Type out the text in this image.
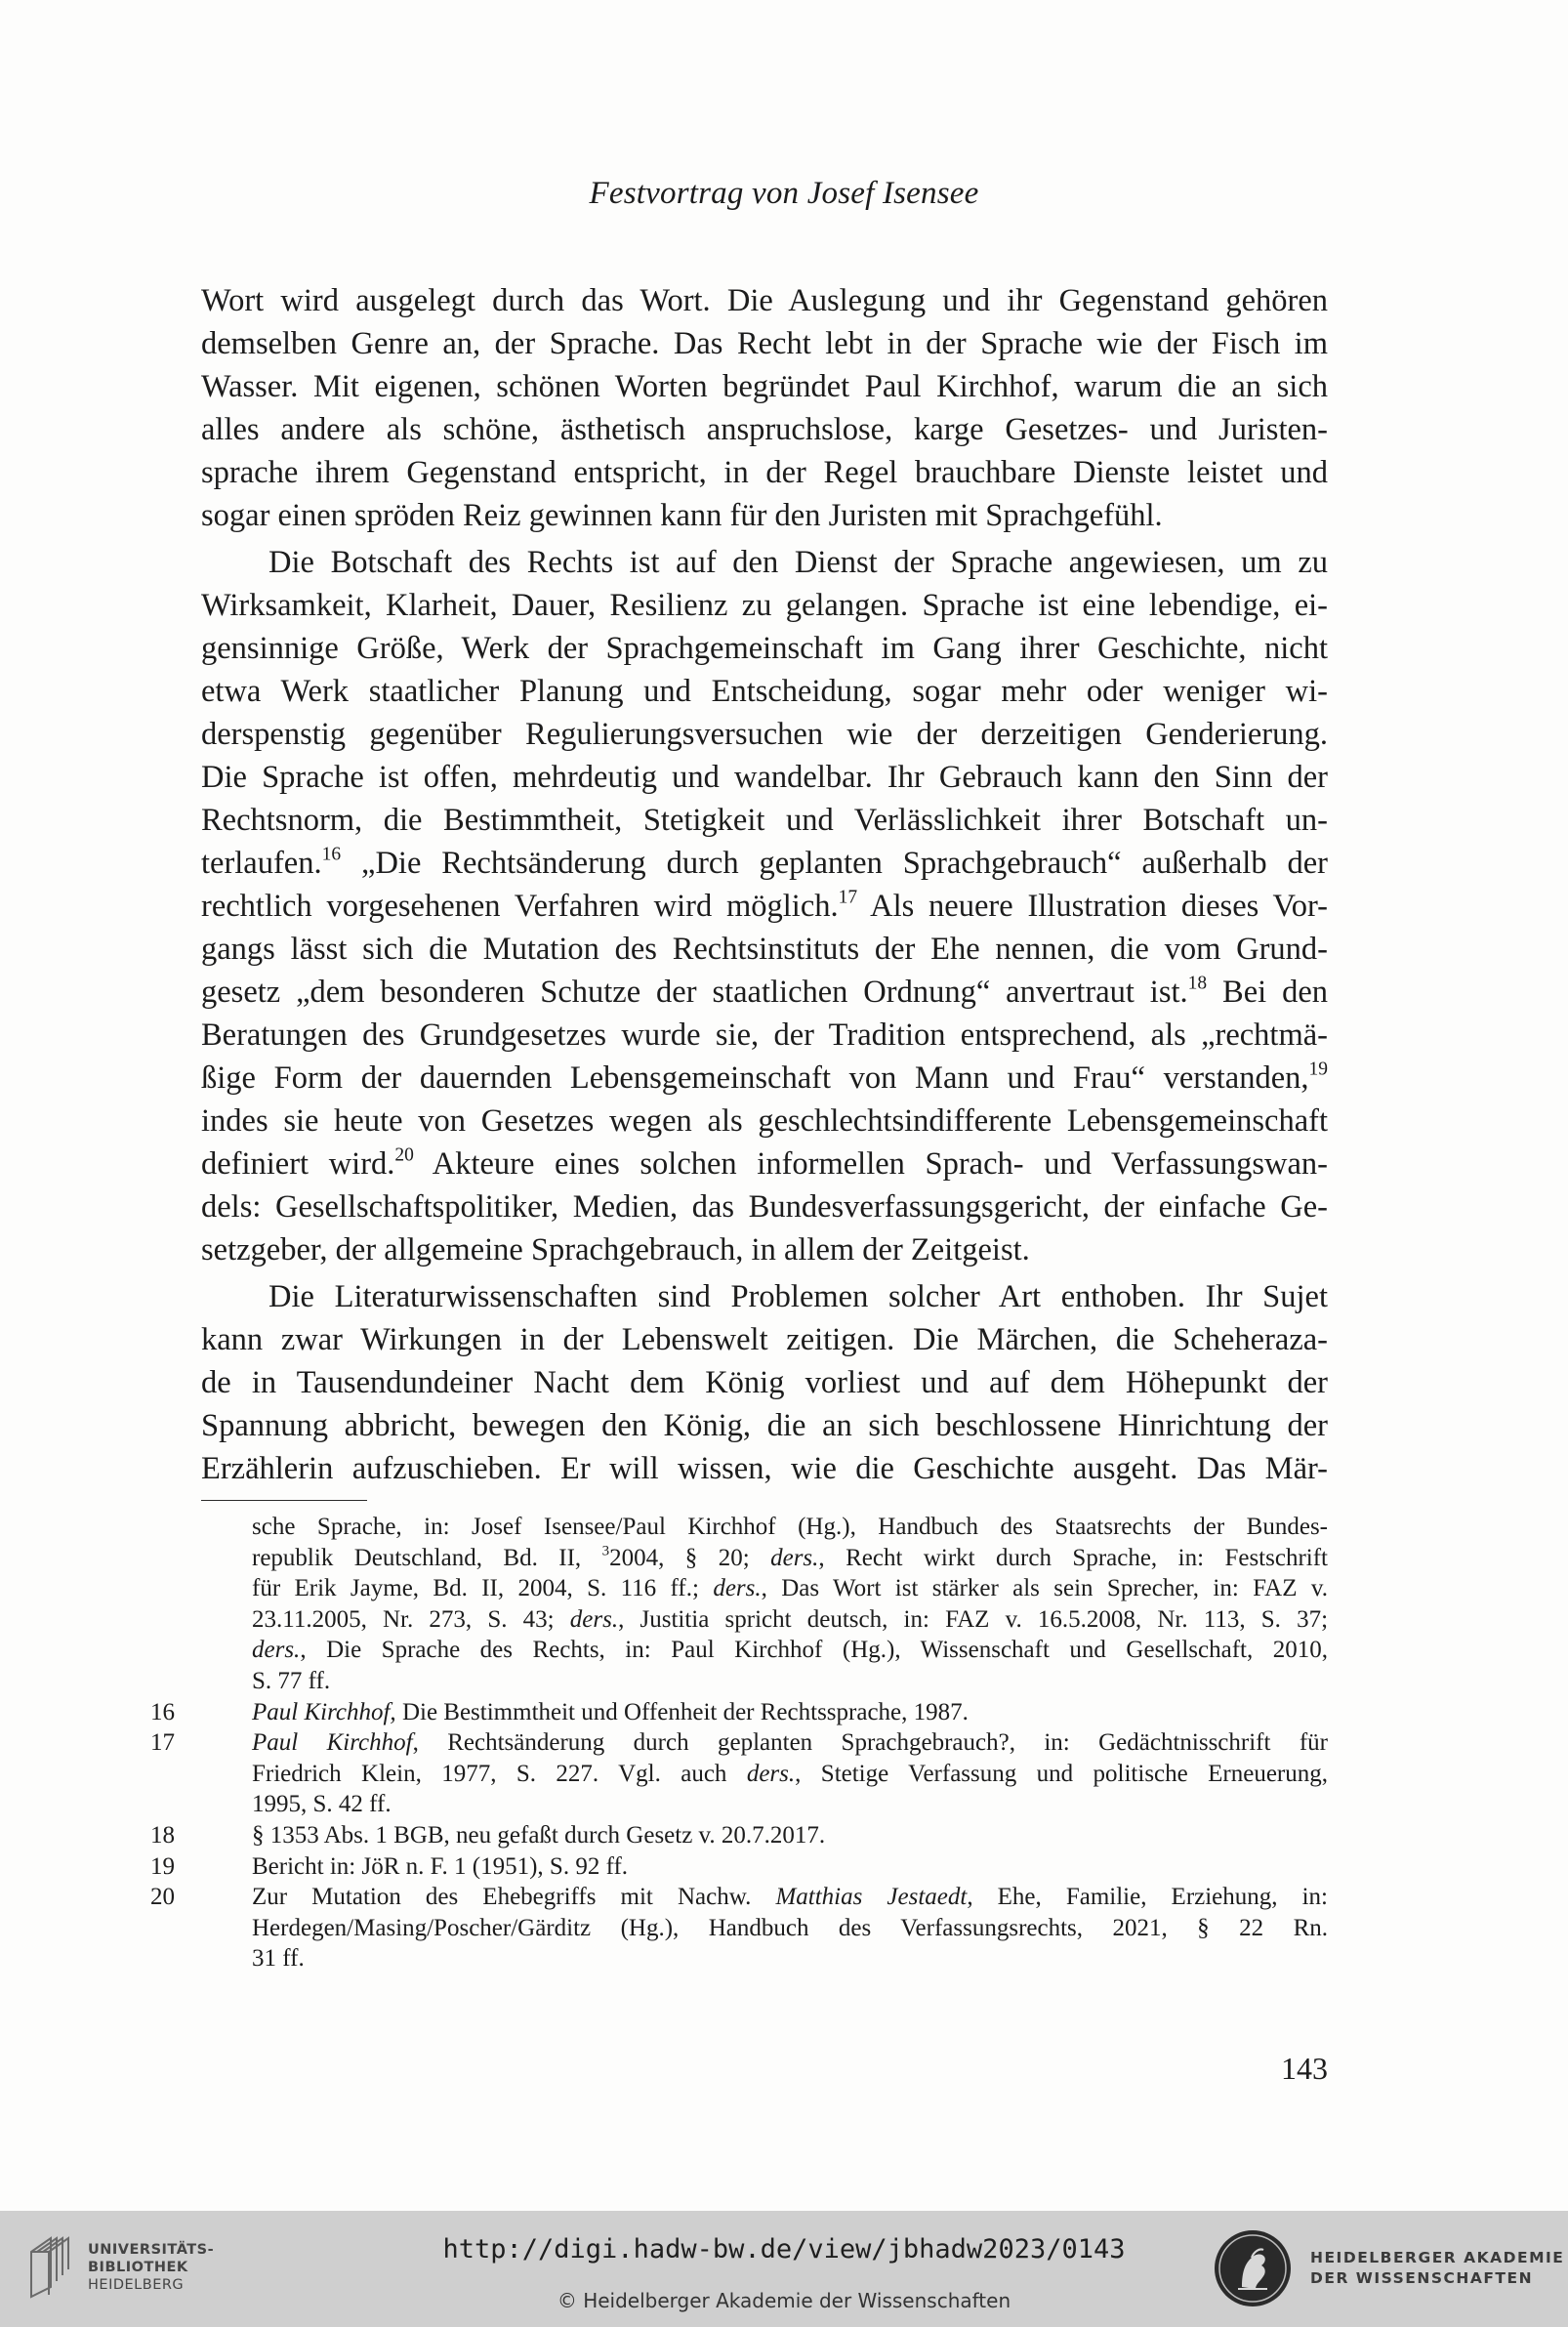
Festvortrag von Josef Isensee
Wort wird ausgelegt durch das Wort. Die Auslegung und ihr Gegenstand gehören
demselben Genre an, der Sprache. Das Recht lebt in der Sprache wie der Fisch im
Wasser. Mit eigenen, schönen Worten begründet Paul Kirchhof, warum die an sich
alles andere als schöne, ästhetisch anspruchslose, karge Gesetzes- und Juristen-
sprache ihrem Gegenstand entspricht, in der Regel brauchbare Dienste leistet und
sogar einen spröden Reiz gewinnen kann für den Juristen mit Sprachgefühl.
Die Botschaft des Rechts ist auf den Dienst der Sprache angewiesen, um zu
Wirksamkeit, Klarheit, Dauer, Resilienz zu gelangen. Sprache ist eine lebendige, ei-
gensinnige Größe, Werk der Sprachgemeinschaft im Gang ihrer Geschichte, nicht
etwa Werk staatlicher Planung und Entscheidung, sogar mehr oder weniger wi-
derspenstig gegenüber Regulierungsversuchen wie der derzeitigen Genderierung.
Die Sprache ist offen, mehrdeutig und wandelbar. Ihr Gebrauch kann den Sinn der
Rechtsnorm, die Bestimmtheit, Stetigkeit und Verlässlichkeit ihrer Botschaft un-
terlaufen.$^{16}$ „Die Rechtsänderung durch geplanten Sprachgebrauch“ außerhalb der
rechtlich vorgesehenen Verfahren wird möglich.$^{17}$ Als neuere Illustration dieses Vor-
gangs lässt sich die Mutation des Rechtsinstituts der Ehe nennen, die vom Grund-
gesetz „dem besonderen Schutze der staatlichen Ordnung“ anvertraut ist.$^{18}$ Bei den
Beratungen des Grundgesetzes wurde sie, der Tradition entsprechend, als „rechtmä-
ßige Form der dauernden Lebensgemeinschaft von Mann und Frau“ verstanden,$^{19}$
indes sie heute von Gesetzes wegen als geschlechtsindifferente Lebensgemeinschaft
definiert wird.$^{20}$ Akteure eines solchen informellen Sprach- und Verfassungswan-
dels: Gesellschaftspolitiker, Medien, das Bundesverfassungsgericht, der einfache Ge-
setzgeber, der allgemeine Sprachgebrauch, in allem der Zeitgeist.
Die Literaturwissenschaften sind Problemen solcher Art enthoben. Ihr Sujet
kann zwar Wirkungen in der Lebenswelt zeitigen. Die Märchen, die Scheheraza-
de in Tausendundeiner Nacht dem König vorliest und auf dem Höhepunkt der
Spannung abbricht, bewegen den König, die an sich beschlossene Hinrichtung der
Erzählerin aufzuschieben. Er will wissen, wie die Geschichte ausgeht. Das Mär-
sche Sprache, in: Josef Isensee/Paul Kirchhof (Hg.), Handbuch des Staatsrechts der Bundes-
republik Deutschland, Bd. II, $^3$2004, § 20; ders., Recht wirkt durch Sprache, in: Festschrift
für Erik Jayme, Bd. II, 2004, S. 116 ff.; ders., Das Wort ist stärker als sein Sprecher, in: FAZ v.
23.11.2005, Nr. 273, S. 43; ders., Justitia spricht deutsch, in: FAZ v. 16.5.2008, Nr. 113, S. 37;
ders., Die Sprache des Rechts, in: Paul Kirchhof (Hg.), Wissenschaft und Gesellschaft, 2010,
S. 77 ff.
16	Paul Kirchhof, Die Bestimmtheit und Offenheit der Rechtssprache, 1987.
17	Paul Kirchhof, Rechtsänderung durch geplanten Sprachgebrauch?, in: Gedächtnisschrift für
Friedrich Klein, 1977, S. 227. Vgl. auch ders., Stetige Verfassung und politische Erneuerung,
1995, S. 42 ff.
18	§ 1353 Abs. 1 BGB, neu gefaßt durch Gesetz v. 20.7.2017.
19	Bericht in: JöR n. F. 1 (1951), S. 92 ff.
20	Zur Mutation des Ehebegriffs mit Nachw. Matthias Jestaedt, Ehe, Familie, Erziehung, in:
Herdegen/Masing/Poscher/Gärditz (Hg.), Handbuch des Verfassungsrechts, 2021, § 22 Rn.
31 ff.
143
UNIVERSITÄTS-
BIBLIOTHEK
HEIDELBERG
http://digi.hadw-bw.de/view/jbhadw2023/0143
© Heidelberger Akademie der Wissenschaften
HEIDELBERGER AKADEMIE
DER WISSENSCHAFTEN
